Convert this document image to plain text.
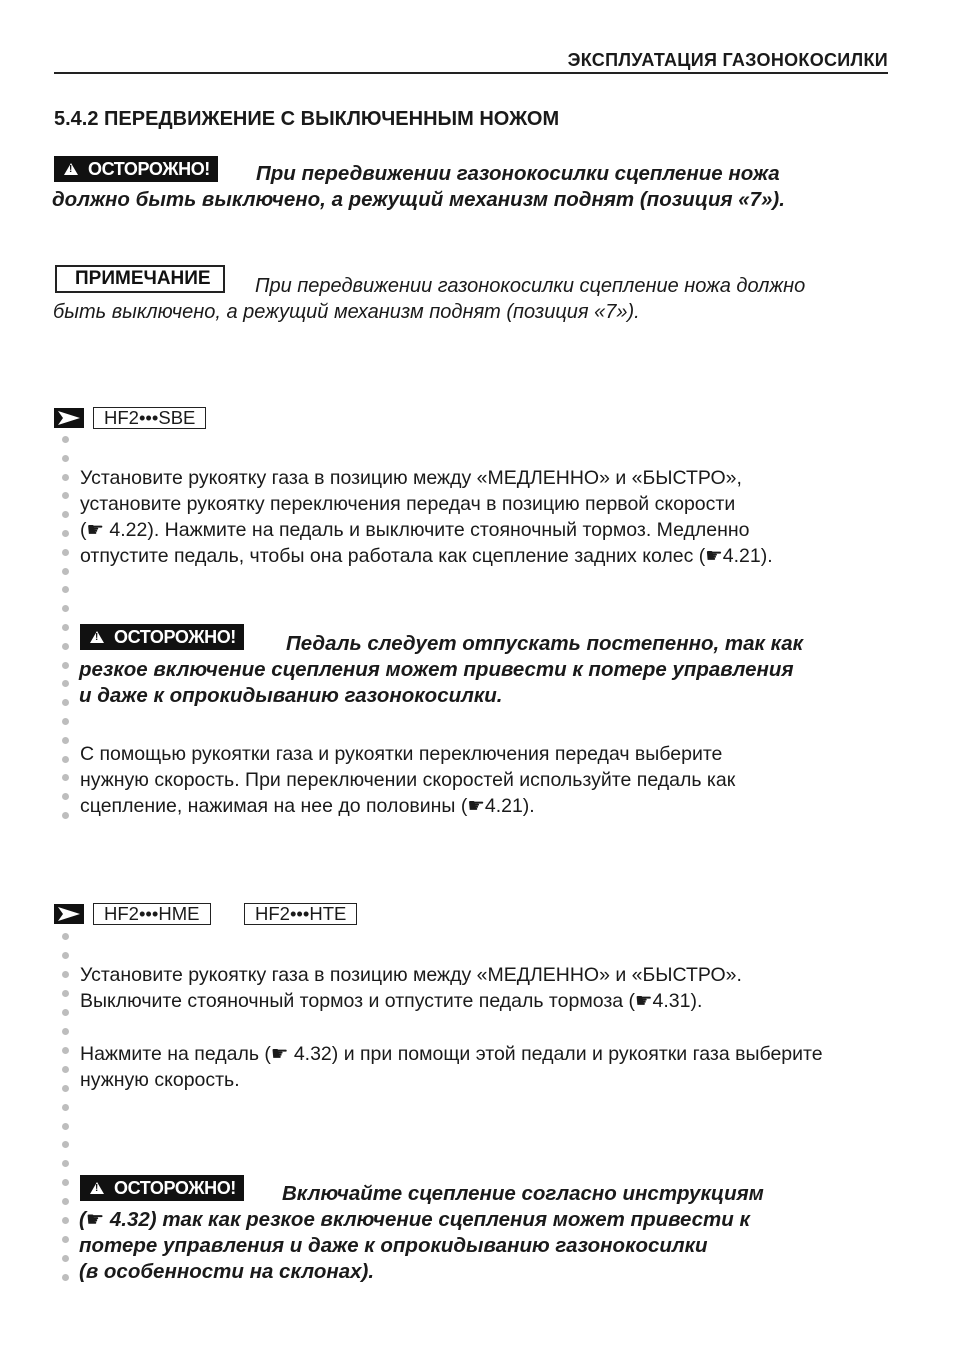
ЭКСПЛУАТАЦИЯ ГАЗОНОКОСИЛКИ
5.4.2 ПЕРЕДВИЖЕНИЕ С ВЫКЛЮЧЕННЫМ НОЖОМ
!
ОСТОРОЖНО! При передвижении газонокосилки сцепление ножа
должно быть выключено, а режущий механизм поднят (позиция «7»).
ПРИМЕЧАНИЕ	При передвижении газонокосилки сцепление ножа должно
быть выключено, а режущий механизм поднят (позиция «7»).
HF2•••SBE
Установите рукоятку газа в позицию между «МЕДЛЕННО» и «БЫСТРО»,
установите рукоятку переключения передач в позицию первой скорости
(☛ 4.22). Нажмите на педаль и выключите стояночный тормоз. Медленно
отпустите педаль, чтобы она работала как сцепление задних колес (☛4.21).
!
ОСТОРОЖНО! Педаль следует отпускать постепенно, так как
резкое включение сцепления может привести к потере управления
и даже к опрокидыванию газонокосилки.
С помощью рукоятки газа и рукоятки переключения передач выберите
нужную скорость. При переключении скоростей используйте педаль как
сцепление, нажимая на нее до половины (☛4.21).
HF2•••HME	HF2•••HTE
Установите рукоятку газа в позицию между «МЕДЛЕННО» и «БЫСТРО».
Выключите стояночный тормоз и отпустите педаль тормоза (☛4.31).
Нажмите на педаль (☛ 4.32) и при помощи этой педали и рукоятки газа выберите
нужную скорость.
!
ОСТОРОЖНО! Включайте сцепление согласно инструкциям
(☛ 4.32) так как резкое включение сцепления может привести к
потере управления и даже к опрокидыванию газонокосилки
(в особенности на склонах).
